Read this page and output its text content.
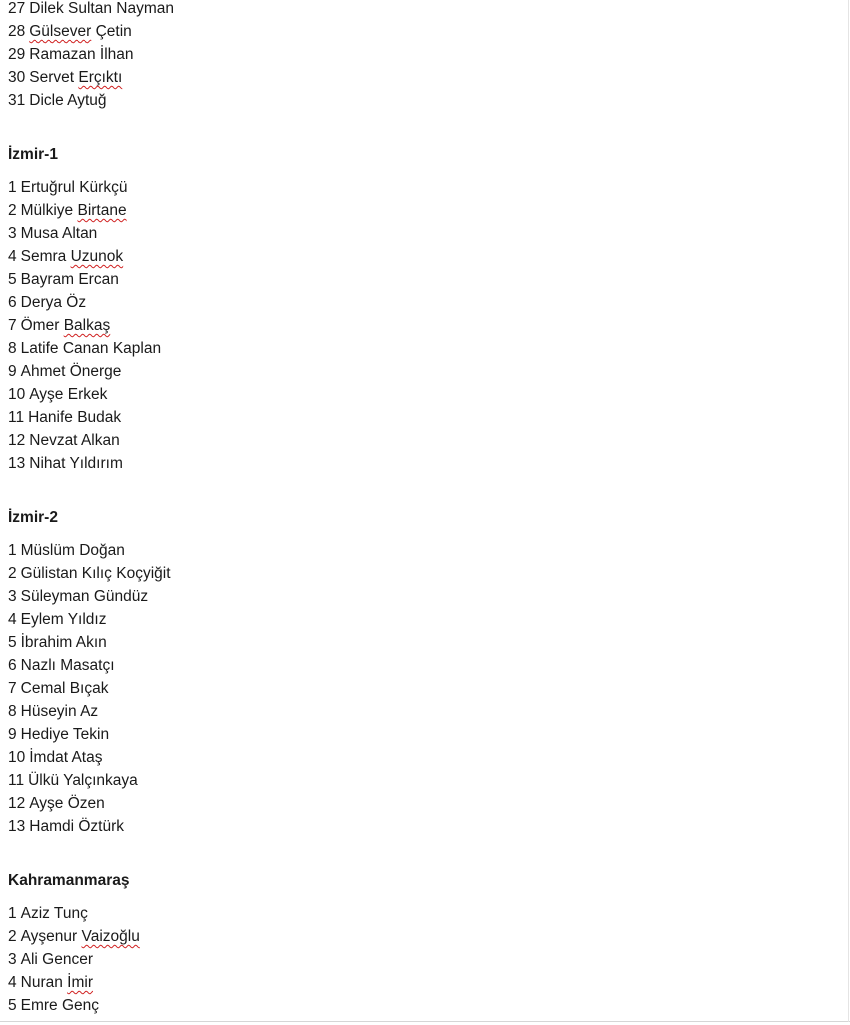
27 Dilek Sultan Nayman
28 Gülsever Çetin
29 Ramazan İlhan
30 Servet Erçıktı
31 Dicle Aytuğ
İzmir-1
1 Ertuğrul Kürkçü
2 Mülkiye Birtane
3 Musa Altan
4 Semra Uzunok
5 Bayram Ercan
6 Derya Öz
7 Ömer Balkaş
8 Latife Canan Kaplan
9 Ahmet Önerge
10 Ayşe Erkek
11 Hanife Budak
12 Nevzat Alkan
13 Nihat Yıldırım
İzmir-2
1 Müslüm Doğan
2 Gülistan Kılıç Koçyiğit
3 Süleyman Gündüz
4 Eylem Yıldız
5 İbrahim Akın
6 Nazlı Masatçı
7 Cemal Bıçak
8 Hüseyin Az
9 Hediye Tekin
10 İmdat Ataş
11 Ülkü Yalçınkaya
12 Ayşe Özen
13 Hamdi Öztürk
Kahramanmaraş
1 Aziz Tunç
2 Ayşenur Vaizoğlu
3 Ali Gencer
4 Nuran İmir
5 Emre Genç
